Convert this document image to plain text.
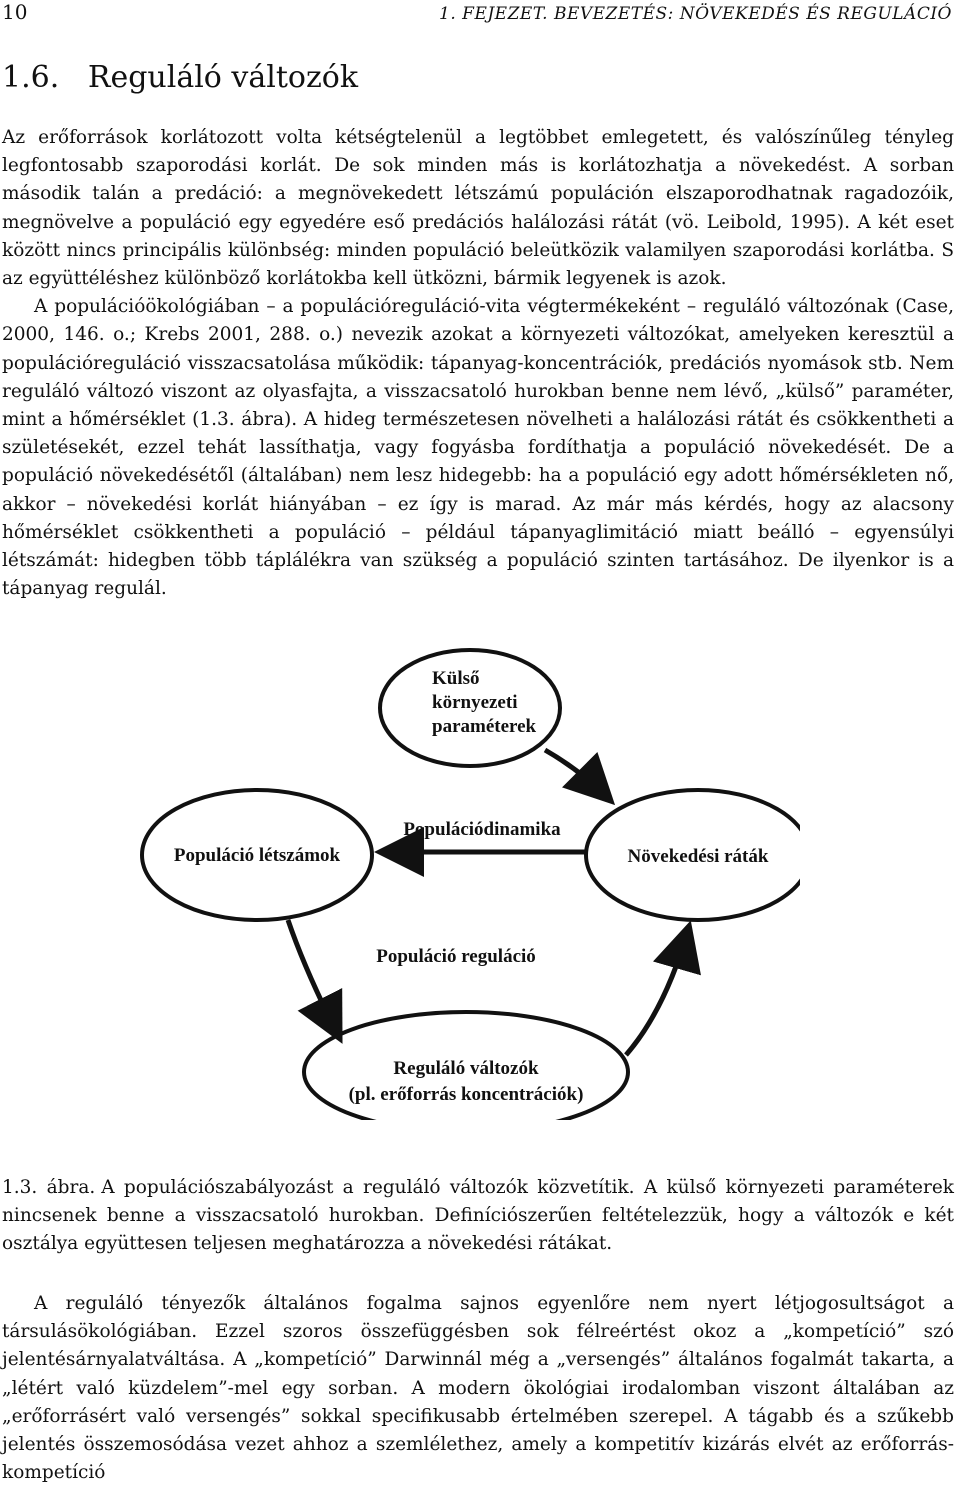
10	1. FEJEZET. BEVEZETÉS: NÖVEKEDÉS ÉS REGULÁCIÓ
1.6. Reguláló változók

Az erőforrások korlátozott volta kétségtelenül a legtöbbet emlegetett, és valószínűleg tényleg legfontosabb szaporodási korlát. De sok minden más is korlátozhatja a növekedést. A sorban második talán a predáció: a megnövekedett létszámú populáción elszaporodhatnak ragadozóik, megnövelve a populáció egy egyedére eső predációs halálozási rátát (vö. Leibold, 1995). A két eset között nincs principális különbség: minden populáció beleütközik valamilyen szaporodási korlátba. S az együttéléshez különböző korlátokba kell ütközni, bármik legyenek is azok.

A populációökológiában – a populációreguláció-vita végtermékeként – reguláló változónak (Case, 2000, 146. o.; Krebs 2001, 288. o.) nevezik azokat a környezeti változókat, amelyeken keresztül a populációreguláció visszacsatolása működik: tápanyag-koncentrációk, predációs nyomások stb. Nem reguláló változó viszont az olyasfajta, a visszacsatoló hurokban benne nem lévő, „külső” paraméter, mint a hőmérséklet (1.3. ábra). A hideg természetesen növelheti a halálozási rátát és csökkentheti a születésekét, ezzel tehát lassíthatja, vagy fogyásba fordíthatja a populáció növekedését. De a populáció növekedésétől (általában) nem lesz hidegebb: ha a populáció egy adott hőmérsékleten nő, akkor – növekedési korlát hiányában – ez így is marad. Az már más kérdés, hogy az alacsony hőmérséklet csökkentheti a populáció – például tápanyaglimitáció miatt beálló – egyensúlyi létszámát: hidegben több táplálékra van szükség a populáció szinten tartásához. De ilyenkor is a tápanyag regulál.

Külső
környezeti
paraméterek
Populáció létszámok	Növekedési ráták
Reguláló változók
(pl. erőforrás koncentrációk)
Populációdinamika
Populáció reguláció

1.3. ábra. A populációszabályozást a reguláló változók közvetítik. A külső környezeti paraméterek nincsenek benne a visszacsatoló hurokban. Definíciószerűen feltételezzük, hogy a változók e két osztálya együttesen teljesen meghatározza a növekedési rátákat.

A reguláló tényezők általános fogalma sajnos egyenlőre nem nyert létjogosultságot a társulásökológiában. Ezzel szoros összefüggésben sok félreértést okoz a „kompetíció” szó jelentésárnyalatváltása. A „kompetíció” Darwinnál még a „versengés” általános fogalmát takarta, a „létért való küzdelem”-mel egy sorban. A modern ökológiai irodalomban viszont általában az „erőforrásért való versengés” sokkal specifikusabb értelmében szerepel. A tágabb és a szűkebb jelentés összemosódása vezet ahhoz a szemlélethez, amely a kompetitív kizárás elvét az erőforrás-kompetíció
